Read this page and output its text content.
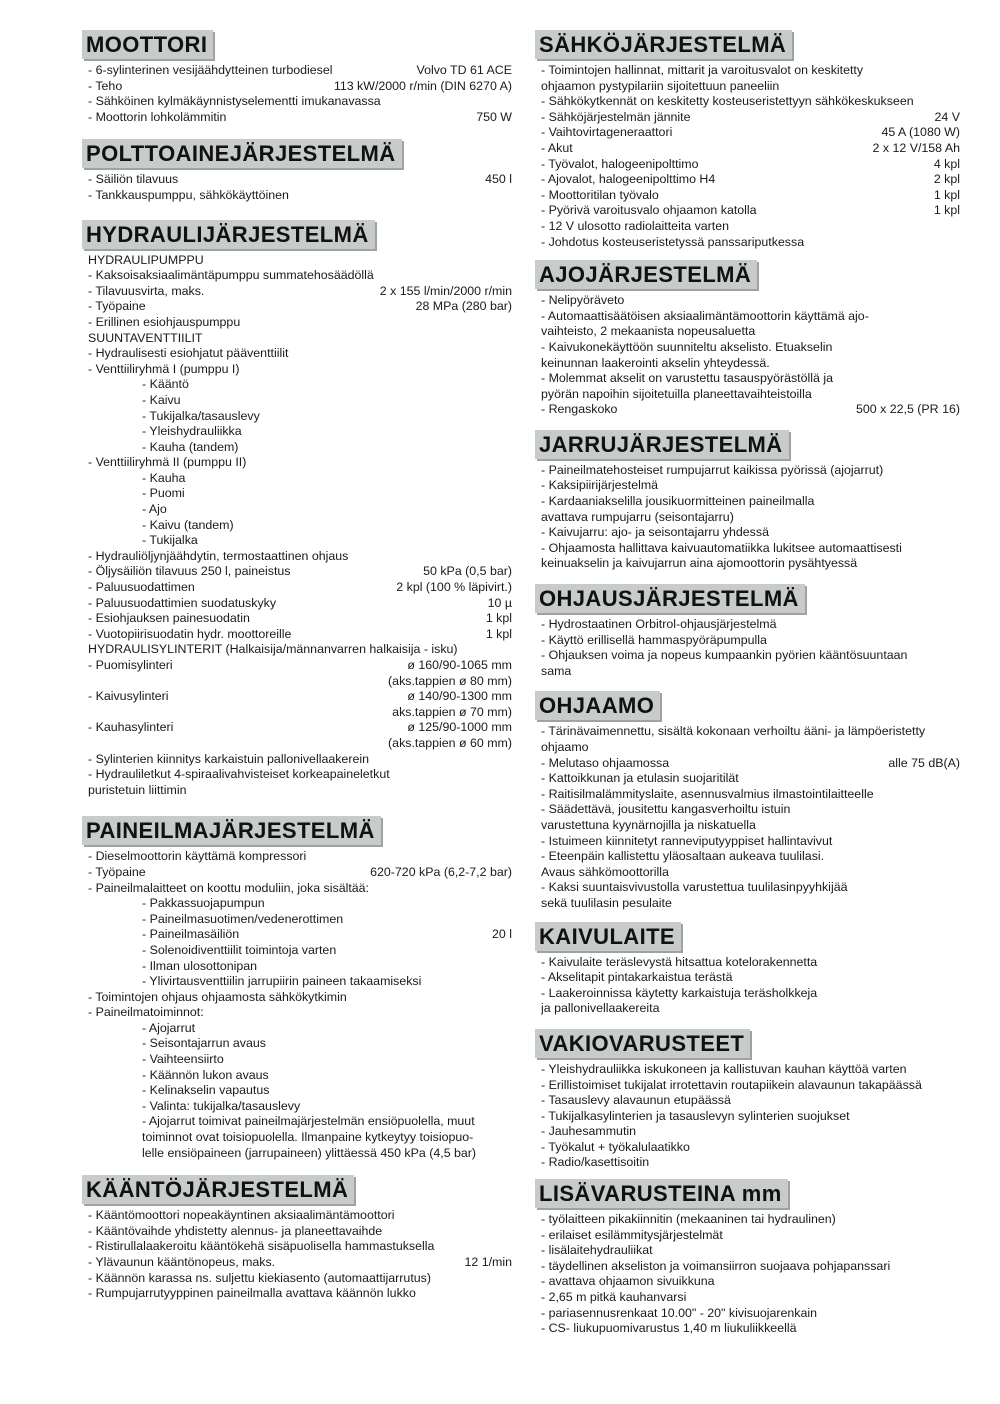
MOOTTORI
- 6-sylinterinen vesijäähdytteinen turbodiesel	Volvo TD 61 ACE
- Teho	113 kW/2000 r/min (DIN 6270 A)
- Sähköinen kylmäkäynnistyselementti imukanavassa
- Moottorin lohkolämmitin	750 W
POLTTOAINEJÄRJESTELMÄ
- Säiliön tilavuus	450 l
- Tankkauspumppu, sähkökäyttöinen
HYDRAULIJÄRJESTELMÄ
HYDRAULIPUMPPU
- Kaksoisaksiaalimäntäpumppu summatehosäädöllä
- Tilavuusvirta, maks.	2 x 155 l/min/2000 r/min
- Työpaine	28 MPa (280 bar)
- Erillinen esiohjauspumppu
SUUNTAVENTTIILIT
- Hydraulisesti esiohjatut pääventtiilit
- Venttiiliryhmä I (pumppu I)
- Kääntö
- Kaivu
- Tukijalka/tasauslevy
- Yleishydrauliikka
- Kauha (tandem)
- Venttiiliryhmä II (pumppu II)
- Kauha
- Puomi
- Ajo
- Kaivu (tandem)
- Tukijalka
- Hydrauliöljynjäähdytin, termostaattinen ohjaus
- Öljysäiliön tilavuus 250 l, paineistus	50 kPa (0,5 bar)
- Paluusuodattimen	2 kpl (100 % läpivirt.)
- Paluusuodattimien suodatuskyky	10 µ
- Esiohjauksen painesuodatin	1 kpl
- Vuotopiirisuodatin hydr. moottoreille	1 kpl
HYDRAULISYLINTERIT (Halkaisija/männanvarren halkaisija - isku)
- Puomisylinteri	ø 160/90-1065 mm
(aks.tappien ø 80 mm)
- Kaivusylinteri	ø 140/90-1300 mm
aks.tappien ø 70 mm)
- Kauhasylinteri	ø 125/90-1000 mm
(aks.tappien ø 60 mm)
- Sylinterien kiinnitys karkaistuin pallonivellaakerein
- Hydrauliletkut 4-spiraalivahvisteiset korkeapaineletkut
puristetuin liittimin
PAINEILMAJÄRJESTELMÄ
- Dieselmoottorin käyttämä kompressori
- Työpaine	620-720 kPa (6,2-7,2 bar)
- Paineilmalaitteet on koottu moduliin, joka sisältää:
- Pakkassuojapumpun
- Paineilmasuotimen/vedenerottimen
- Paineilmasäiliön	20 l
- Solenoidiventtiilit toimintoja varten
- Ilman ulosottonipan
- Ylivirtausventtiilin jarrupiirin paineen takaamiseksi
- Toimintojen ohjaus ohjaamosta sähkökytkimin
- Paineilmatoiminnot:
- Ajojarrut
- Seisontajarrun avaus
- Vaihteensiirto
- Käännön lukon avaus
- Kelinakselin vapautus
- Valinta: tukijalka/tasauslevy
- Ajojarrut toimivat paineilmajärjestelmän ensiöpuolella, muut
toiminnot ovat toisiopuolella. Ilmanpaine kytkeytyy toisiopuo-
lelle ensiöpaineen (jarrupaineen) ylittäessä 450 kPa (4,5 bar)
KÄÄNTÖJÄRJESTELMÄ
- Kääntömoottori nopeakäyntinen aksiaalimäntämoottori
- Kääntövaihde yhdistetty alennus- ja planeettavaihde
- Ristirullalaakeroitu kääntökehä sisäpuolisella hammastuksella
- Ylävaunun kääntönopeus, maks.	12 1/min
- Käännön karassa ns. suljettu kiekiasento (automaattijarrutus)
- Rumpujarrutyyppinen paineilmalla avattava käännön lukko
SÄHKÖJÄRJESTELMÄ
- Toimintojen hallinnat, mittarit ja varoitusvalot on keskitetty
ohjaamon pystypilariin sijoitettuun paneeliin
- Sähkökytkennät on keskitetty kosteuseristettyyn sähkökeskukseen
- Sähköjärjestelmän jännite	24 V
- Vaihtovirtageneraattori	45 A (1080 W)
- Akut	2 x 12 V/158 Ah
- Työvalot, halogeenipolttimo	4 kpl
- Ajovalot, halogeenipolttimo H4	2 kpl
- Moottoritilan työvalo	1 kpl
- Pyörivä varoitusvalo ohjaamon katolla	1 kpl
- 12 V ulosotto radiolaitteita varten
- Johdotus kosteuseristetyssä panssariputkessa
AJOJÄRJESTELMÄ
- Nelipyöräveto
- Automaattisäätöisen aksiaalimäntämoottorin käyttämä ajo-
vaihteisto, 2 mekaanista nopeusaluetta
- Kaivukonekäyttöön suunniteltu akselisto. Etuakselin
keinunnan laakerointi akselin yhteydessä.
- Molemmat akselit on varustettu tasauspyörästöllä ja
pyörän napoihin sijoitetuilla planeettavaihteistoilla
- Rengaskoko	500 x 22,5 (PR 16)
JARRUJÄRJESTELMÄ
- Paineilmatehosteiset rumpujarrut kaikissa pyörissä (ajojarrut)
- Kaksipiirijärjestelmä
- Kardaaniakselilla jousikuormitteinen paineilmalla
avattava rumpujarru (seisontajarru)
- Kaivujarru: ajo- ja seisontajarru yhdessä
- Ohjaamosta hallittava kaivuautomatiikka lukitsee automaattisesti
keinuakselin ja kaivujarrun aina ajomoottorin pysähtyessä
OHJAUSJÄRJESTELMÄ
- Hydrostaatinen Orbitrol-ohjausjärjestelmä
- Käyttö erillisellä hammaspyöräpumpulla
- Ohjauksen voima ja nopeus kumpaankin pyörien kääntösuuntaan
sama
OHJAAMO
- Tärinävaimennettu, sisältä kokonaan verhoiltu ääni- ja lämpöeristetty
ohjaamo
- Melutaso ohjaamossa	alle 75 dB(A)
- Kattoikkunan ja etulasin suojaritilät
- Raitisilmalämmityslaite, asennusvalmius ilmastointilaitteelle
- Säädettävä, jousitettu kangasverhoiltu istuin
varustettuna kyynärnojilla ja niskatuella
- Istuimeen kiinnitetyt ranneviputyyppiset hallintavivut
- Eteenpäin kallistettu yläosaltaan aukeava tuulilasi.
Avaus sähkömoottorilla
- Kaksi suuntaisvivustolla varustettua tuulilasinpyyhkijää
sekä tuulilasin pesulaite
KAIVULAITE
- Kaivulaite teräslevystä hitsattua kotelorakennetta
- Akselitapit pintakarkaistua terästä
- Laakeroinnissa käytetty karkaistuja teräsholkkeja
ja pallonivellaakereita
VAKIOVARUSTEET
- Yleishydrauliikka iskukoneen ja kallistuvan kauhan käyttöä varten
- Erillistoimiset tukijalat irrotettavin routapiikein alavaunun takapäässä
- Tasauslevy alavaunun etupäässä
- Tukijalkasylinterien ja tasauslevyn sylinterien suojukset
- Jauhesammutin
- Työkalut + työkalulaatikko
- Radio/kasettisoitin
LISÄVARUSTEINA mm
- työlaitteen pikakiinnitin (mekaaninen tai hydraulinen)
- erilaiset esilämmitysjärjestelmät
- lisälaitehydrauliikat
- täydellinen akseliston ja voimansiirron suojaava pohjapanssari
- avattava ohjaamon sivuikkuna
- 2,65 m pitkä kauhanvarsi
- pariasennusrenkaat 10.00" - 20" kivisuojarenkain
- CS- liukupuomivarustus 1,40 m liukuliikkeellä
